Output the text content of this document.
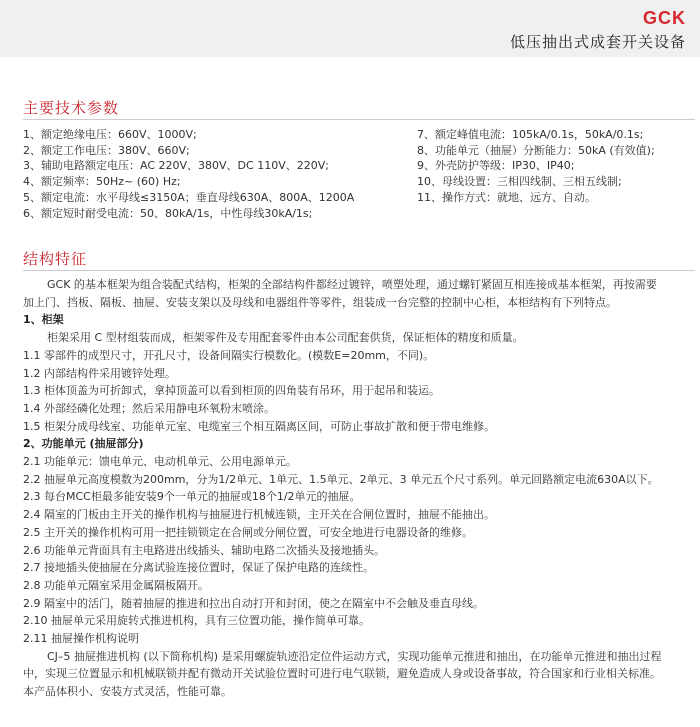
GCK
低压抽出式成套开关设备
主要技术参数
1、额定绝缘电压：660V、1000V;
2、额定工作电压：380V、660V;
3、辅助电路额定电压：AC 220V、380V、DC 110V、220V;
4、额定频率：50Hz~ (60) Hz;
5、额定电流：水平母线≤3150A；垂直母线630A、800A、1200A
6、额定短时耐受电流：50、80kA/1s，中性母线30kA/1s;
7、额定峰值电流：105kA/0.1s，50kA/0.1s;
8、功能单元（抽屉）分断能力：50kA (有效值);
9、外壳防护等级：IP30、IP40;
10、母线设置：三相四线制、三相五线制;
11、操作方式：就地、远方、自动。
结构特征
GCK 的基本框架为组合装配式结构，柜架的全部结构件都经过镀锌，喷塑处理，通过螺钉紧固互相连接成基本框架，再按需要
加上门、挡板、隔板、抽屉、安装支架以及母线和电器组件等零件，组装成一台完整的控制中心柜，本柜结构有下列特点。
1、柜架
柜架采用 C 型材组装而成，柜架零件及专用配套零件由本公司配套供货，保证柜体的精度和质量。
1.1 零部件的成型尺寸，开孔尺寸，设备间隔实行模数化。(模数E=20mm，不同)。
1.2 内部结构件采用镀锌处理。
1.3 柜体顶盖为可折卸式，拿掉顶盖可以看到柜顶的四角装有吊环，用于起吊和装运。
1.4 外部经磷化处理；然后采用静电环氧粉末喷涂。
1.5 柜架分成母线室、功能单元室、电缆室三个相互隔离区间，可防止事故扩散和便于带电维修。
2、功能单元 (抽屉部分)
2.1 功能单元：馈电单元、电动机单元、公用电源单元。
2.2 抽屉单元高度模数为200mm，分为1/2单元、1单元、1.5单元、2单元、3 单元五个尺寸系列。单元回路额定电流630A以下。
2.3 每台MCC柜最多能安装9个一单元的抽屉或18个1/2单元的抽屉。
2.4 隔室的门板由主开关的操作机构与抽屉进行机械连锁，主开关在合闸位置时，抽屉不能抽出。
2.5 主开关的操作机构可用一把挂锁锁定在合闸或分闸位置，可安全地进行电器设备的维修。
2.6 功能单元背面具有主电路进出线插头、辅助电路二次插头及接地插头。
2.7 接地插头使抽屉在分离试验连接位置时，保证了保护电路的连续性。
2.8 功能单元隔室采用金属隔板隔开。
2.9 隔室中的活门，随着抽屉的推进和拉出自动打开和封闭，使之在隔室中不会触及垂直母线。
2.10 抽屉单元采用旋转式推进机构，具有三位置功能，操作简单可靠。
2.11 抽屉操作机构说明
CJ–5 抽屉推进机构 (以下简称机构) 是采用螺旋轨迹沿定位件运动方式，实现功能单元推进和抽出，在功能单元推进和抽出过程
中，实现三位置显示和机械联锁并配有微动开关试验位置时可进行电气联锁，避免造成人身或设备事故，符合国家和行业相关标准。
本产品体积小、安装方式灵活，性能可靠。
